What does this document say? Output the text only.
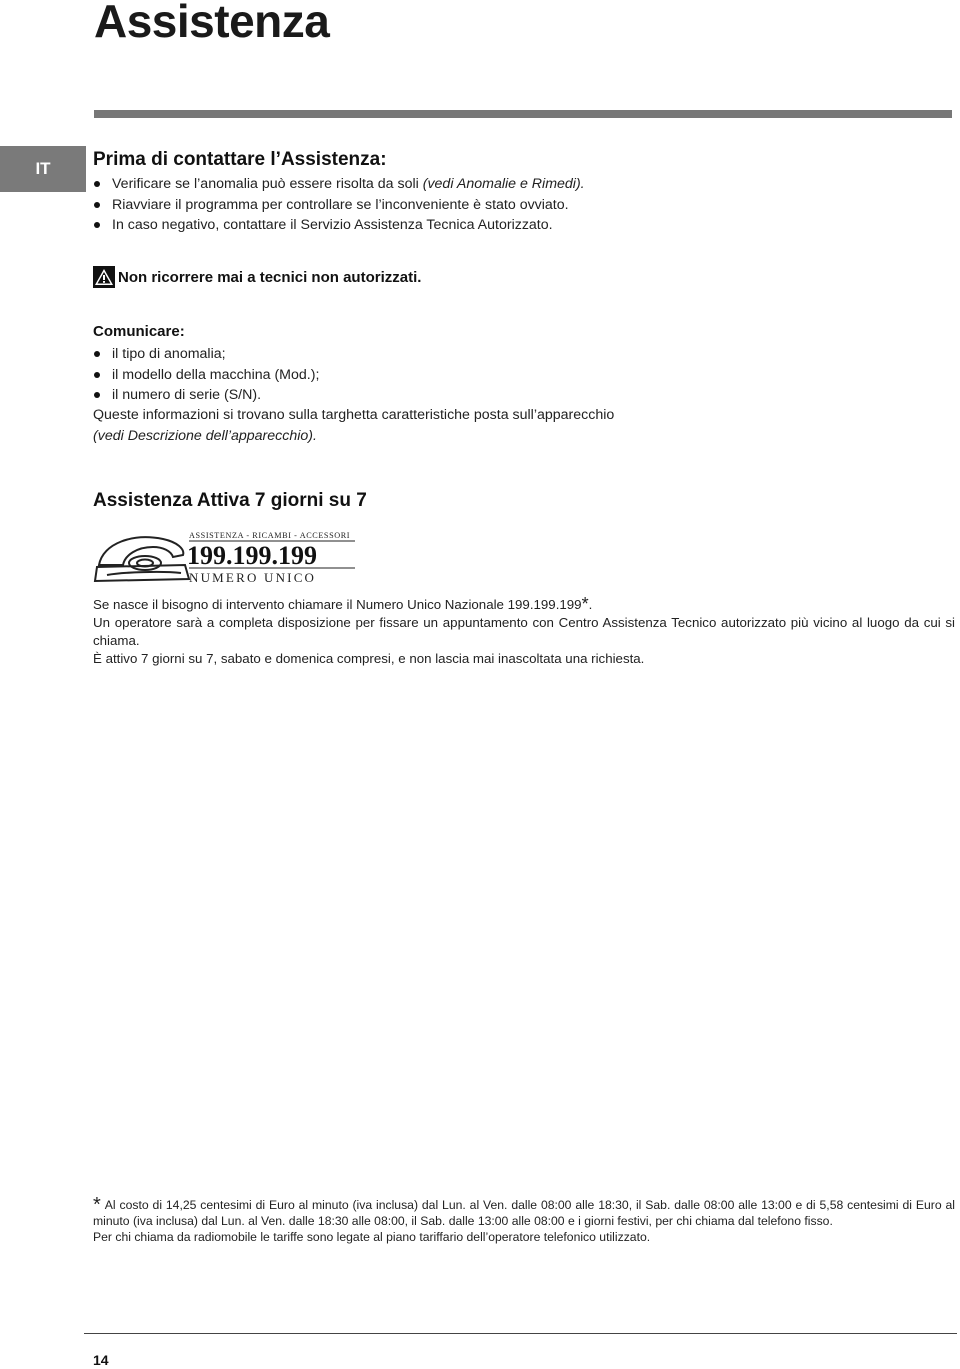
Assistenza
IT	Prima di contattare l’Assistenza:
Verificare se l’anomalia può essere risolta da soli (vedi Anomalie e Rimedi).
Riavviare il programma per controllare se l’inconveniente è stato ovviato.
In caso negativo, contattare il Servizio Assistenza Tecnica Autorizzato.
Non ricorrere mai a tecnici non autorizzati.
Comunicare:
il tipo di anomalia;
il modello della macchina (Mod.);
il numero di serie (S/N).

Queste informazioni si trovano sulla targhetta caratteristiche posta sull’apparecchio
(vedi Descrizione dell’apparecchio).

Assistenza Attiva 7 giorni su 7
ASSISTENZA - RICAMBI - ACCESSORI
199.199.199
NUMERO UNICO

Se nasce il bisogno di intervento chiamare il Numero Unico Nazionale 199.199.199*.

Un operatore sarà a completa disposizione per fissare un appuntamento con Centro Assistenza Tecnico autorizzato più vicino al luogo da cui si chiama.

È attivo 7 giorni su 7, sabato e domenica compresi, e non lascia mai inascoltata una richiesta.

* Al costo di 14,25 centesimi di Euro al minuto (iva inclusa) dal Lun. al Ven. dalle 08:00 alle 18:30, il Sab. dalle 08:00 alle 13:00 e di 5,58 centesimi di Euro al minuto (iva inclusa) dal Lun. al Ven. dalle 18:30 alle 08:00, il Sab. dalle 13:00 alle 08:00 e i giorni festivi, per chi chiama dal telefono fisso.

Per chi chiama da radiomobile le tariffe sono legate al piano tariffario dell’operatore telefonico utilizzato.

14
